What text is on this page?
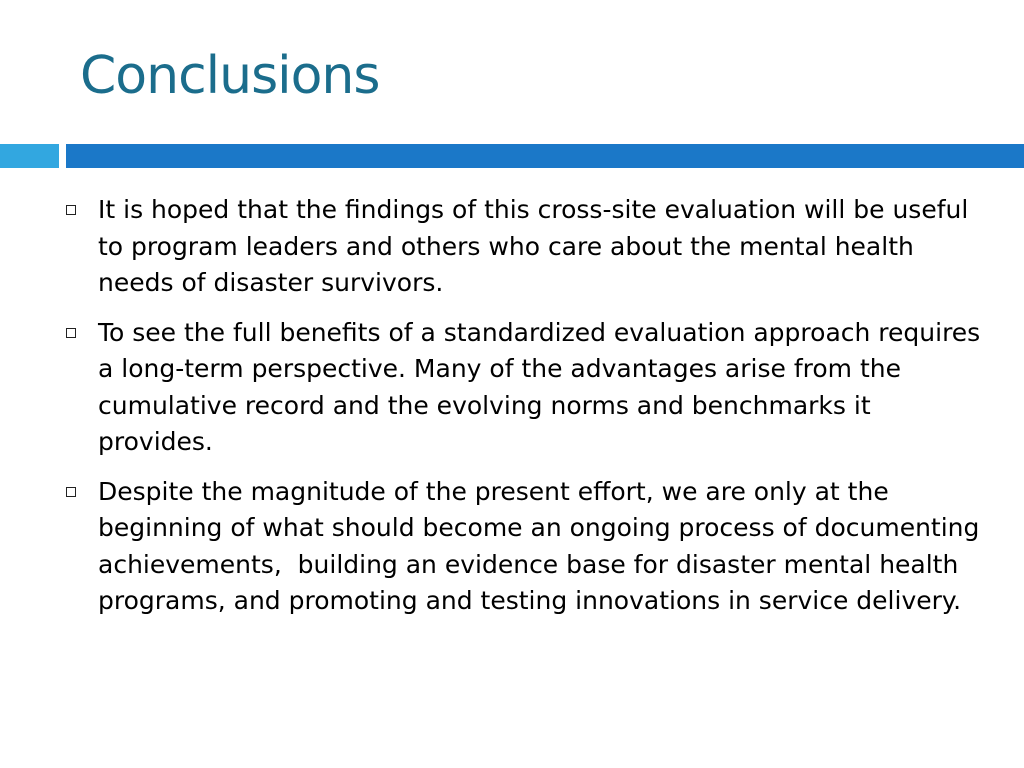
Conclusions
It is hoped that the findings of this cross-site evaluation will be useful to program leaders and others who care about the mental health needs of disaster survivors.
To see the full benefits of a standardized evaluation approach requires a long-term perspective. Many of the advantages arise from the cumulative record and the evolving norms and benchmarks it provides.
Despite the magnitude of the present effort, we are only at the beginning of what should become an ongoing process of documenting achievements,  building an evidence base for disaster mental health programs, and promoting and testing innovations in service delivery.
